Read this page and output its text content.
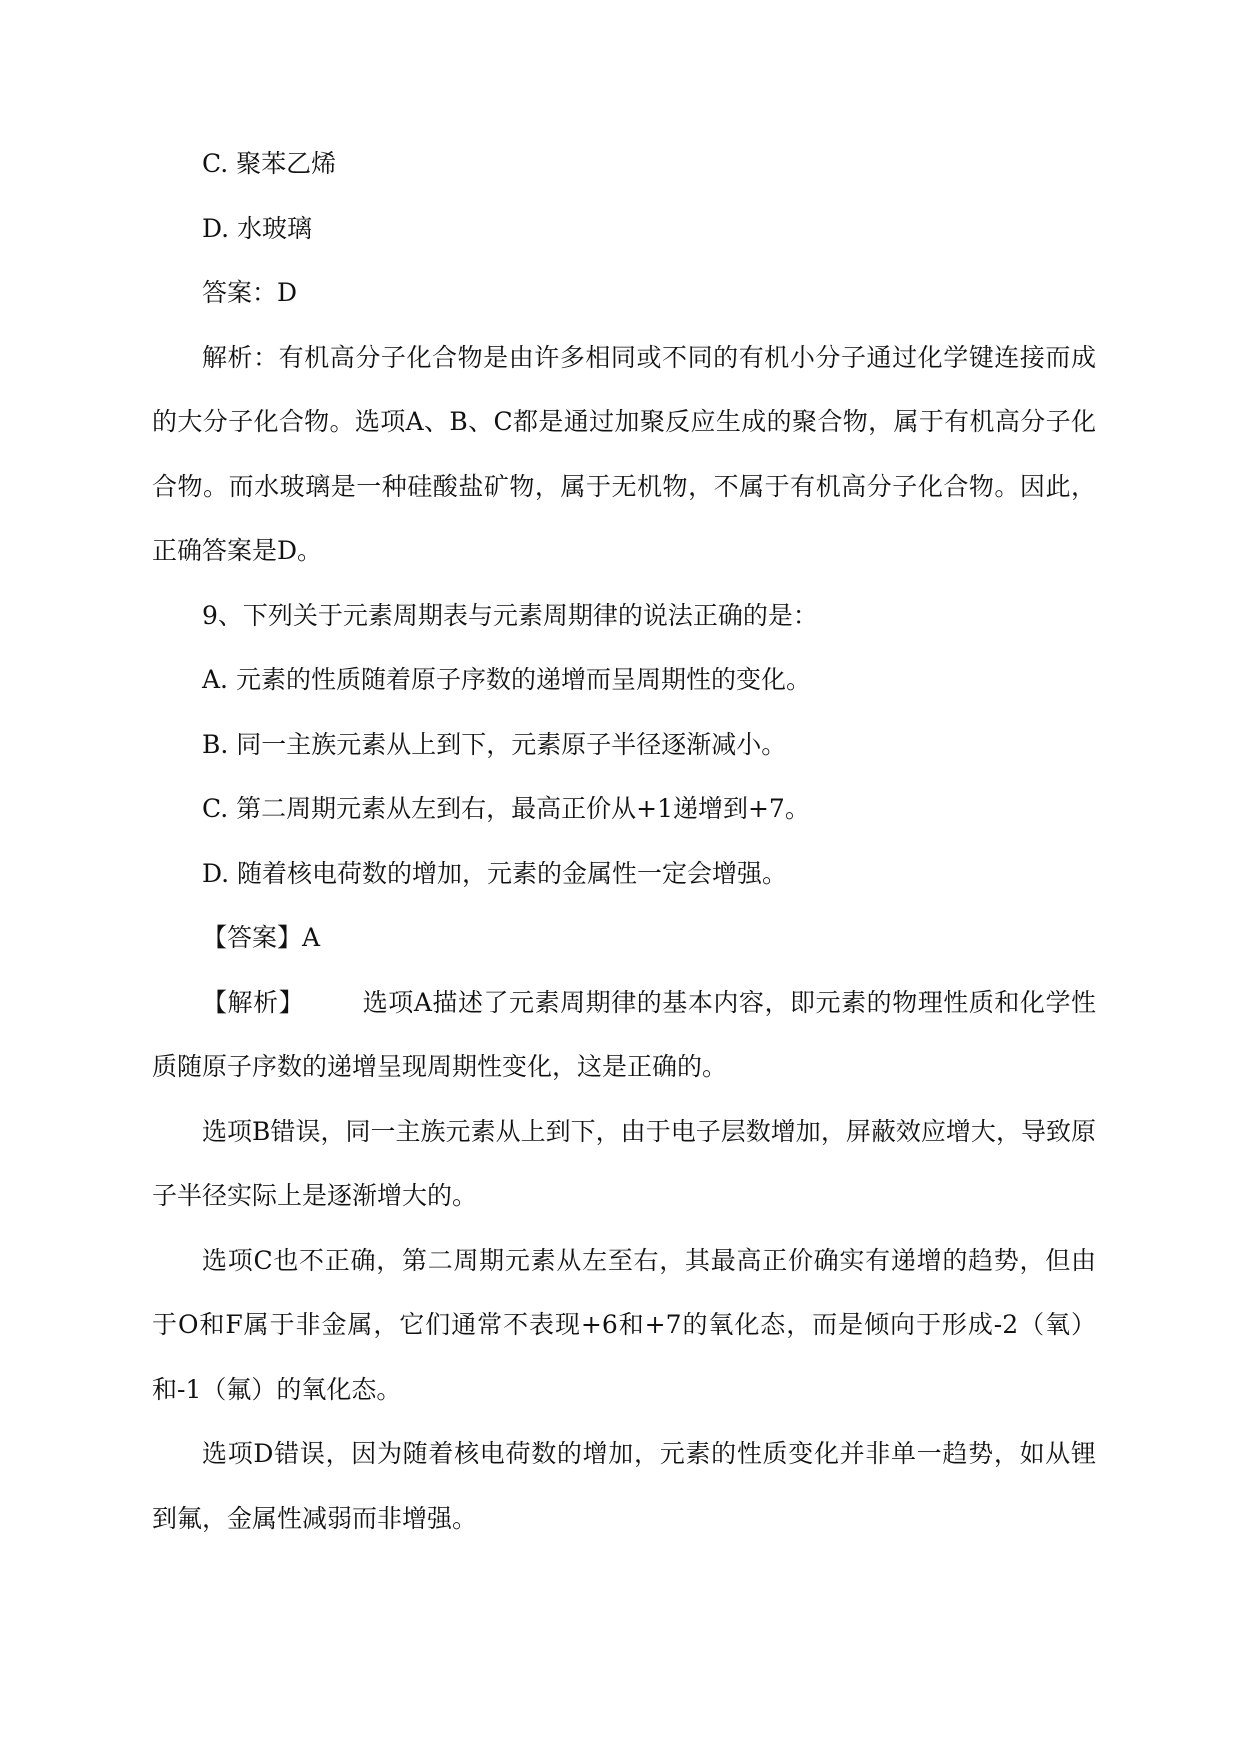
C. 聚苯乙烯

D. 水玻璃

答案：D

解析：有机高分子化合物是由许多相同或不同的有机小分子通过化学键连接而成的大分子化合物。选项A、B、C都是通过加聚反应生成的聚合物，属于有机高分子化合物。而水玻璃是一种硅酸盐矿物，属于无机物，不属于有机高分子化合物。因此，正确答案是D。

9、下列关于元素周期表与元素周期律的说法正确的是：

A. 元素的性质随着原子序数的递增而呈周期性的变化。

B. 同一主族元素从上到下，元素原子半径逐渐减小。

C. 第二周期元素从左到右，最高正价从+1递增到+7。

D. 随着核电荷数的增加，元素的金属性一定会增强。

【答案】A

【解析】 选项A描述了元素周期律的基本内容，即元素的物理性质和化学性质随原子序数的递增呈现周期性变化，这是正确的。

选项B错误，同一主族元素从上到下，由于电子层数增加，屏蔽效应增大，导致原子半径实际上是逐渐增大的。

选项C也不正确，第二周期元素从左至右，其最高正价确实有递增的趋势，但由于O和F属于非金属，它们通常不表现+6和+7的氧化态，而是倾向于形成-2（氧）和-1（氟）的氧化态。

选项D错误，因为随着核电荷数的增加，元素的性质变化并非单一趋势，如从锂到氟，金属性减弱而非增强。
